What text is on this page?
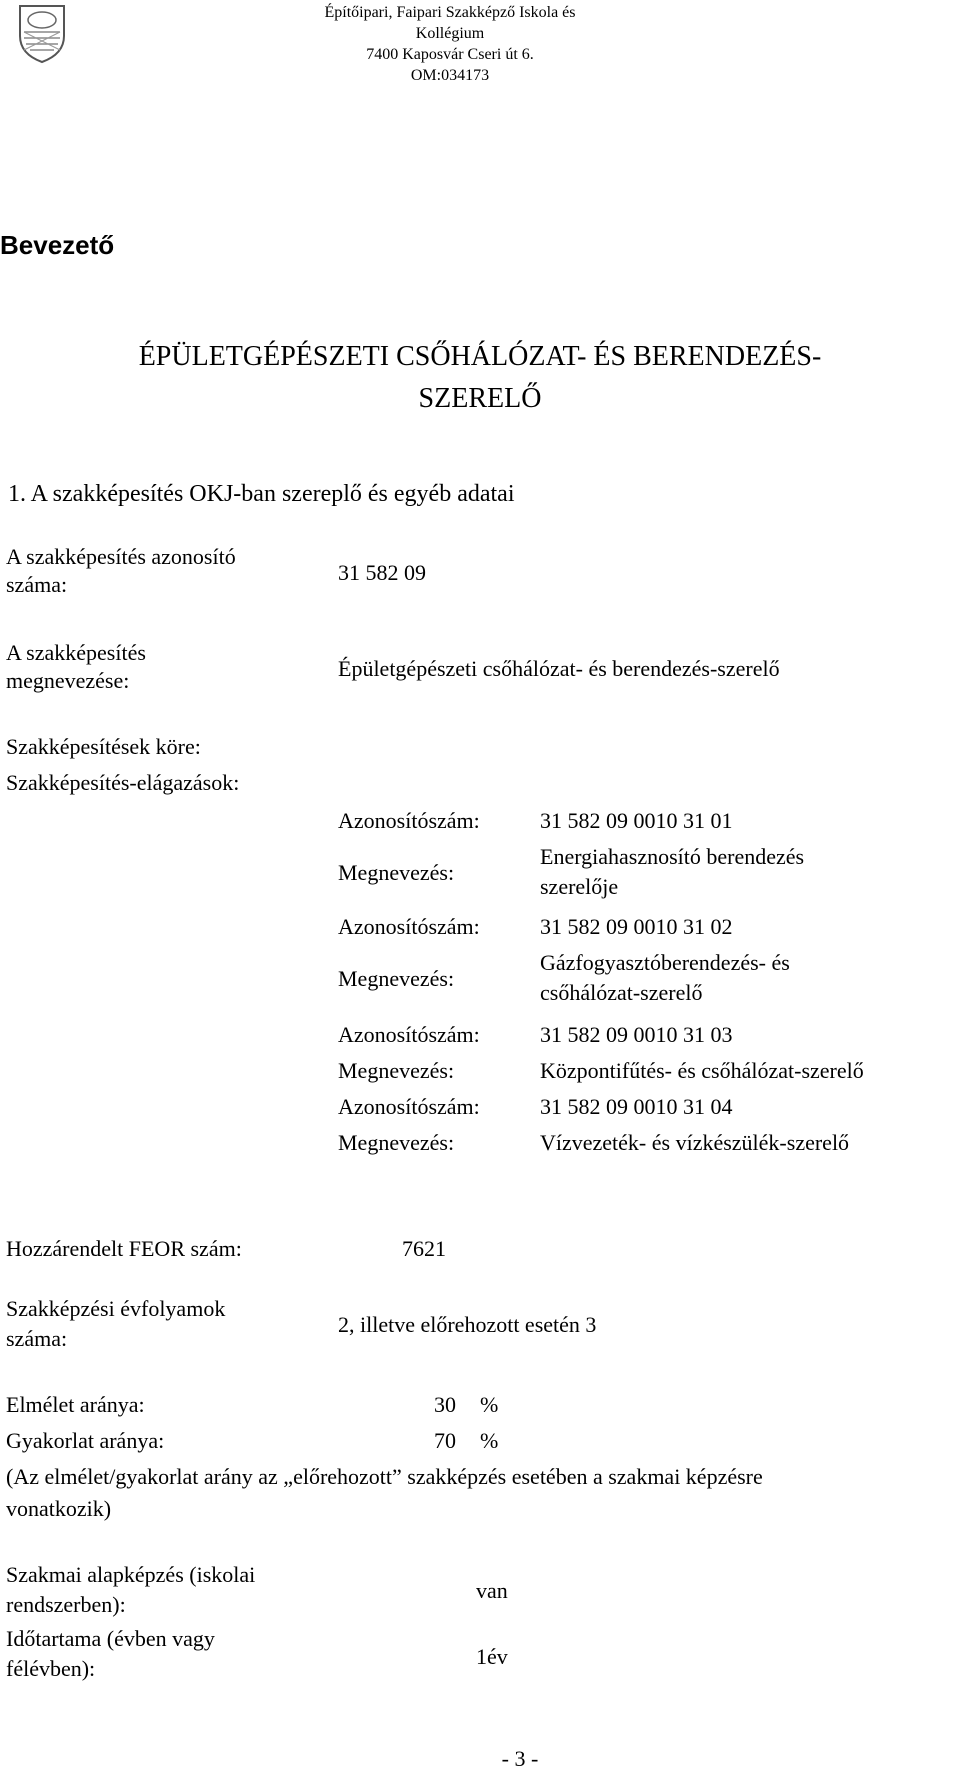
Építőipari, Faipari Szakképző Iskola és Kollégium
7400 Kaposvár Cseri út 6.
OM:034173
Bevezető
ÉPÜLETGÉPÉSZETI CSŐHÁLÓZAT- ÉS BERENDEZÉS-
SZERELŐ
1. A szakképesítés OKJ-ban szereplő és egyéb adatai
A szakképesítés azonosító
száma:	31 582 09
A szakképesítés
megnevezése:	Épületgépészeti csőhálózat- és berendezés-szerelő
Szakképesítések köre:
Szakképesítés-elágazások:
Azonosítószám:	31 582 09 0010 31 01
Megnevezés:
Energiahasznosító berendezés
szerelője
Azonosítószám:	31 582 09 0010 31 02
Megnevezés:
Gázfogyasztóberendezés- és
csőhálózat-szerelő
Azonosítószám:	31 582 09 0010 31 03
Megnevezés:	Központifűtés- és csőhálózat-szerelő
Azonosítószám:	31 582 09 0010 31 04
Megnevezés:	Vízvezeték- és vízkészülék-szerelő
Hozzárendelt FEOR szám:	7621
Szakképzési évfolyamok
száma:
2, illetve előrehozott esetén 3
Elmélet aránya:	30 %
Gyakorlat aránya:	70 %
(Az elmélet/gyakorlat arány az „előrehozott” szakképzés esetében a szakmai képzésre
vonatkozik)
Szakmai alapképzés (iskolai
rendszerben):
van
Időtartama (évben vagy
félévben):	1év
- 3 -
